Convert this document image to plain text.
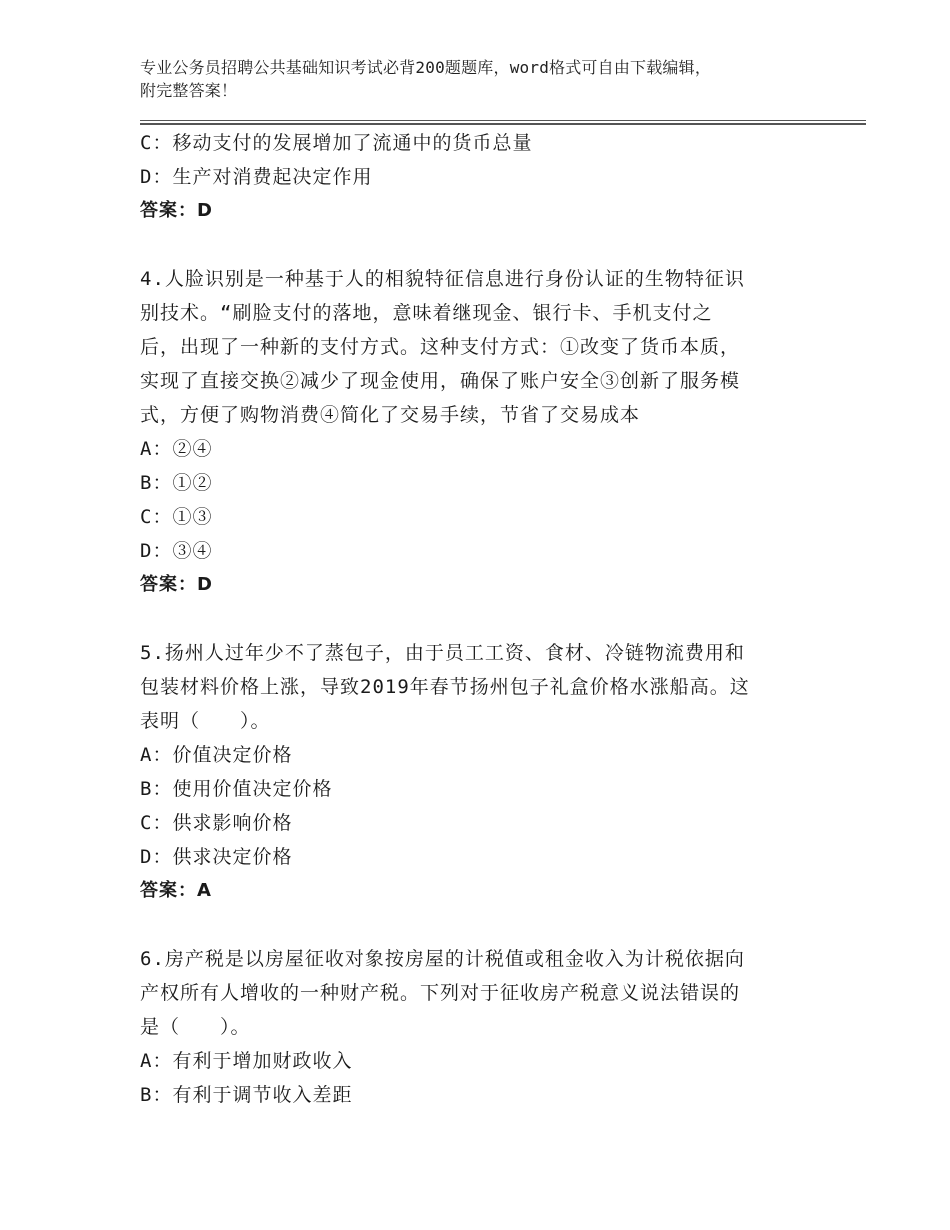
专业公务员招聘公共基础知识考试必背200题题库，word格式可自由下载编辑，
附完整答案！
C：移动支付的发展增加了流通中的货币总量
D：生产对消费起决定作用
答案：D
4.人脸识别是一种基于人的相貌特征信息进行身份认证的生物特征识
别技术。“刷脸支付的落地，意味着继现金、银行卡、手机支付之
后，出现了一种新的支付方式。这种支付方式：①改变了货币本质，
实现了直接交换②减少了现金使用，确保了账户安全③创新了服务模
式，方便了购物消费④简化了交易手续，节省了交易成本
A：②④
B：①②
C：①③
D：③④
答案：D
5.扬州人过年少不了蒸包子，由于员工工资、食材、冷链物流费用和
包装材料价格上涨，导致2019年春节扬州包子礼盒价格水涨船高。这
表明（　　）。
A：价值决定价格
B：使用价值决定价格
C：供求影响价格
D：供求决定价格
答案：A
6.房产税是以房屋征收对象按房屋的计税值或租金收入为计税依据向
产权所有人增收的一种财产税。下列对于征收房产税意义说法错误的
是（　　）。
A：有利于增加财政收入
B：有利于调节收入差距
